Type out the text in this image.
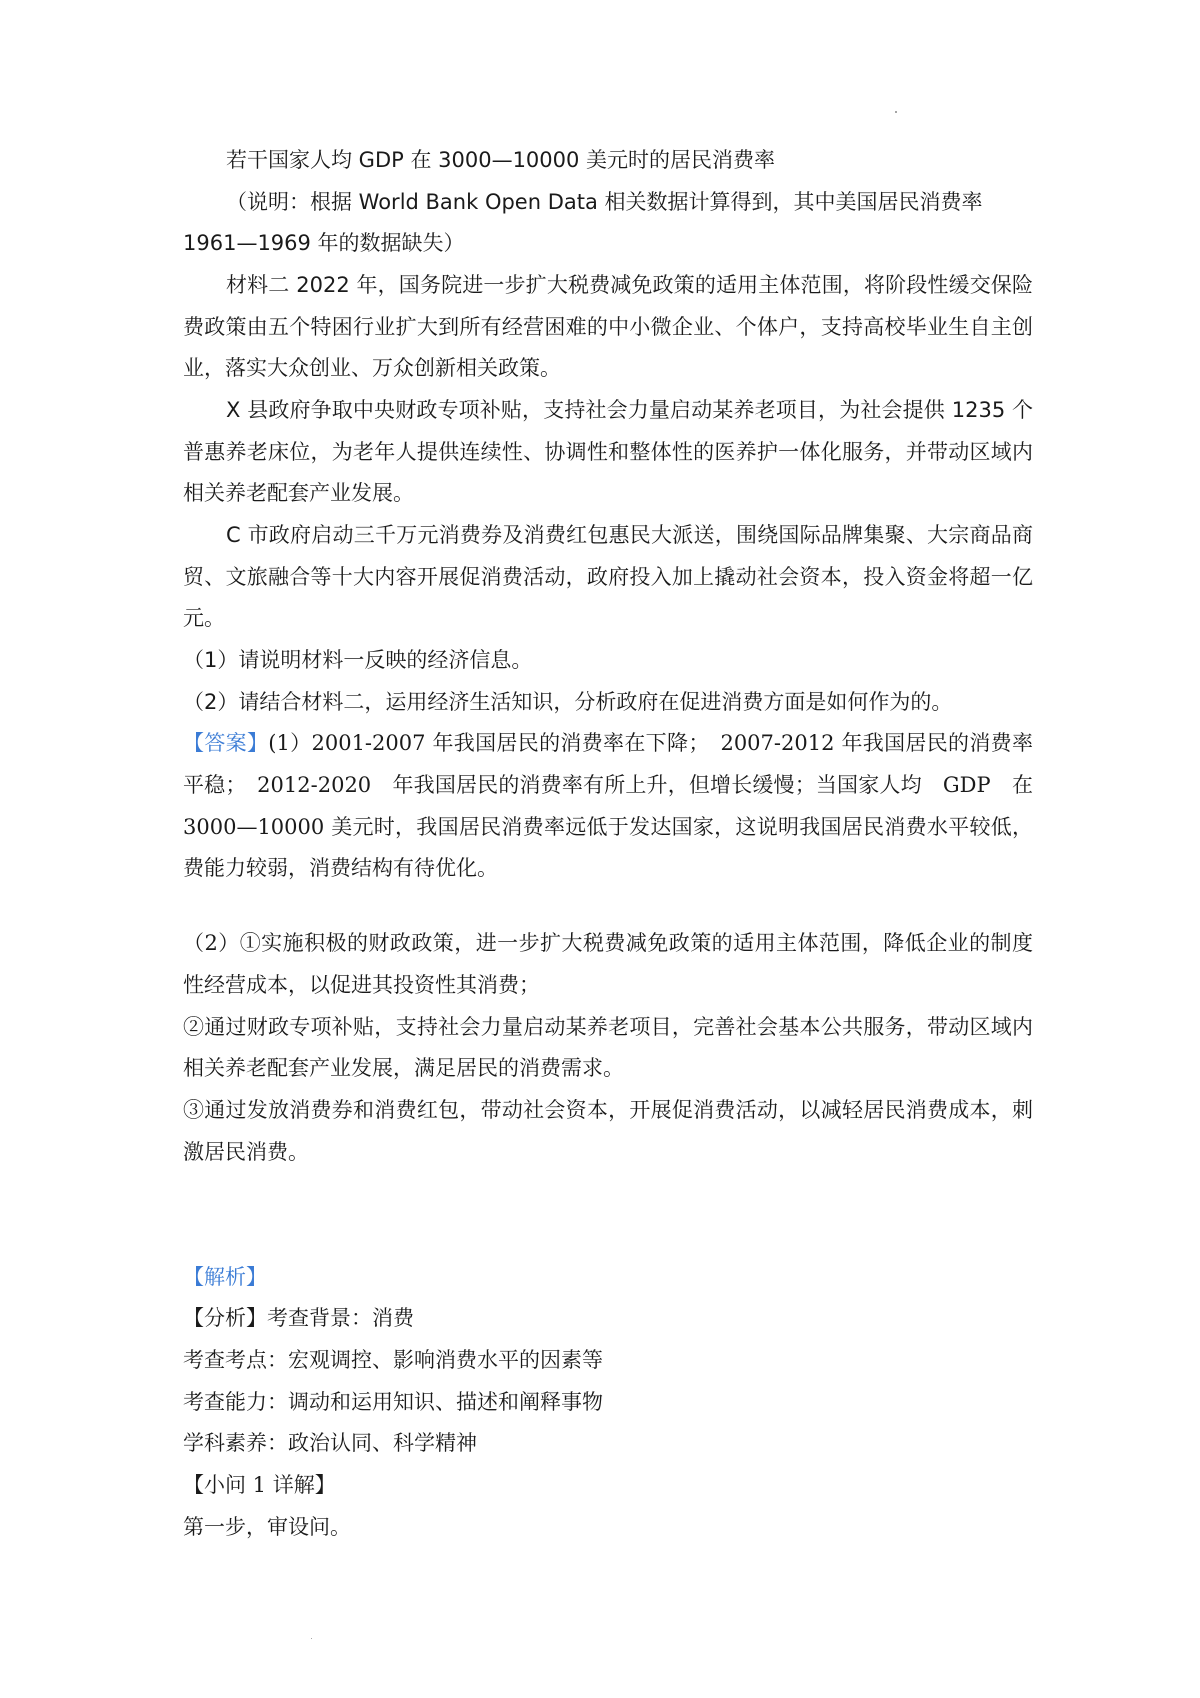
若干国家人均 GDP 在 3000—10000 美元时的居民消费率
（说明：根据 World Bank Open Data 相关数据计算得到，其中美国居民消费率
1961—1969 年的数据缺失）
材料二 2022 年，国务院进一步扩大税费减免政策的适用主体范围，将阶段性缓交保险
费政策由五个特困行业扩大到所有经营困难的中小微企业、个体户，支持高校毕业生自主创
业，落实大众创业、万众创新相关政策。
X 县政府争取中央财政专项补贴，支持社会力量启动某养老项目，为社会提供 1235 个
普惠养老床位，为老年人提供连续性、协调性和整体性的医养护一体化服务，并带动区域内
相关养老配套产业发展。
C 市政府启动三千万元消费券及消费红包惠民大派送，围绕国际品牌集聚、大宗商品商
贸、文旅融合等十大内容开展促消费活动，政府投入加上撬动社会资本，投入资金将超一亿
元。
（1）请说明材料一反映的经济信息。
（2）请结合材料二，运用经济生活知识，分析政府在促进消费方面是如何作为的。
【答案】(1）2001-2007 年我国居民的消费率在下降；　2007-2012 年我国居民的消费率
平稳；　2012-2020　年我国居民的消费率有所上升，但增长缓慢；当国家人均　GDP　在
3000—10000 美元时，我国居民消费率远低于发达国家，这说明我国居民消费水平较低，
费能力较弱，消费结构有待优化。
（2）①实施积极的财政政策，进一步扩大税费减免政策的适用主体范围，降低企业的制度
性经营成本，以促进其投资性其消费；
②通过财政专项补贴，支持社会力量启动某养老项目，完善社会基本公共服务，带动区域内
相关养老配套产业发展，满足居民的消费需求。
③通过发放消费券和消费红包，带动社会资本，开展促消费活动，以减轻居民消费成本，刺
激居民消费。
【解析】
【分析】考查背景：消费
考查考点：宏观调控、影响消费水平的因素等
考查能力：调动和运用知识、描述和阐释事物
学科素养：政治认同、科学精神
【小问 1 详解】
第一步，审设问。
